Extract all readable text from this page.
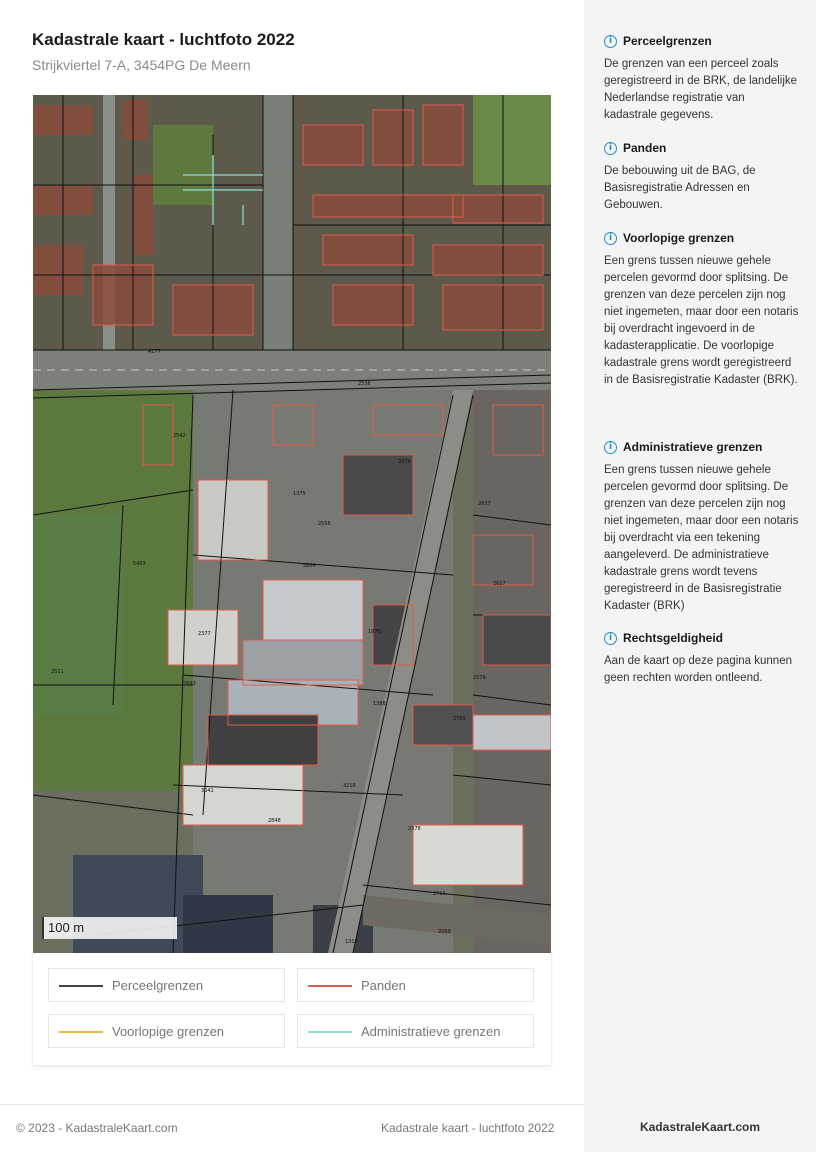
Kadastrale kaart - luchtfoto 2022
Strijkviertel 7-A, 3454PG De Meern
2511
2377
2536
2848
3041
1375
2693
5403
3218
2556
2703
2378
4177
2079
5804
1388
2542
2617
2711
2069
1318
2637
2579
1976
100 m
Perceelgrenzen	Panden
Voorlopige grenzen	Administratieve grenzen
© 2023 - KadastraleKaart.com	Kadastrale kaart - luchtfoto 2022
i Perceelgrenzen
De grenzen van een perceel zoals geregistreerd in de BRK, de landelijke Nederlandse registratie van kadastrale gegevens.
i Panden
De bebouwing uit de BAG, de Basisregistratie Adressen en Gebouwen.
i Voorlopige grenzen
Een grens tussen nieuwe gehele percelen gevormd door splitsing. De grenzen van deze percelen zijn nog niet ingemeten, maar door een notaris bij overdracht ingevoerd in de kadasterapplicatie. De voorlopige kadastrale grens wordt geregistreerd in de Basisregistratie Kadaster (BRK).
i Administratieve grenzen
Een grens tussen nieuwe gehele percelen gevormd door splitsing. De grenzen van deze percelen zijn nog niet ingemeten, maar door een notaris bij overdracht via een tekening aangeleverd. De administratieve kadastrale grens wordt tevens geregistreerd in de Basisregistratie Kadaster (BRK)
i Rechtsgeldigheid
Aan de kaart op deze pagina kunnen geen rechten worden ontleend.
KadastraleKaart.com
